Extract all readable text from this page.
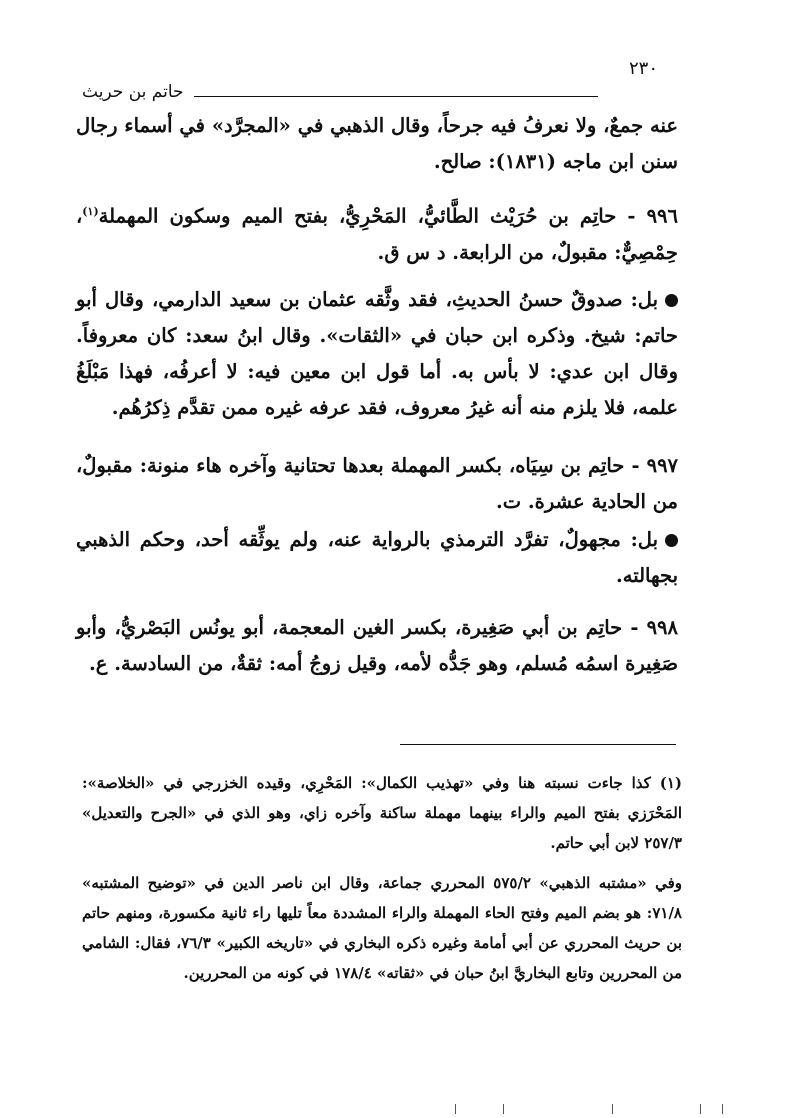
٢٣٠
حاتم بن حريث

عنه جمعٌ، ولا نعرفُ فيه جرحاً، وقال الذهبي في «المجرَّد» في أسماء رجال سنن ابن ماجه (١٨٣١): صالح.

٩٩٦ - حاتِم بن حُرَيْث الطَّائيُّ، المَحْرِيُّ، بفتح الميم وسكون المهملة$^{(١)}$، حِمْصِيٌّ: مقبولٌ، من الرابعة. د س ق.

بل: صدوقٌ حسنُ الحديثِ، فقد وثَّقه عثمان بن سعيد الدارمي، وقال أبو حاتم: شيخ. وذكره ابن حبان في «الثقات». وقال ابنُ سعد: كان معروفاً. وقال ابن عدي: لا بأس به. أما قول ابن معين فيه: لا أعرفُه، فهذا مَبْلَغُ علمه، فلا يلزم منه أنه غيرُ معروف، فقد عرفه غيره ممن تقدَّم ذِكرُهُم.

٩٩٧ - حاتِم بن سِيَاه، بكسر المهملة بعدها تحتانية وآخره هاء منونة: مقبولٌ، من الحادية عشرة. ت.

بل: مجهولٌ، تفرَّد الترمذي بالرواية عنه، ولم يوثِّقه أحد، وحكم الذهبي بجهالته.

٩٩٨ - حاتِم بن أبي صَغِيرة، بكسر الغين المعجمة، أبو يونُس البَصْريُّ، وأبو صَغِيرة اسمُه مُسلم، وهو جَدُّه لأمه، وقيل زوجُ أمه: ثقةٌ، من السادسة. ع.

(١) كذا جاءت نسبته هنا وفي «تهذيب الكمال»: المَحْرِي، وقيده الخزرجي في «الخلاصة»: المَحْرَزي بفتح الميم والراء بينهما مهملة ساكنة وآخره زاي، وهو الذي في «الجرح والتعديل» ٢٥٧/٣ لابن أبي حاتم.

وفي «مشتبه الذهبي» ٥٧٥/٢ المحرري جماعة، وقال ابن ناصر الدين في «توضيح المشتبه» ٧١/٨: هو بضم الميم وفتح الحاء المهملة والراء المشددة معاً تليها راء ثانية مكسورة، ومنهم حاتم بن حريث المحرري عن أبي أمامة وغيره ذكره البخاري في «تاريخه الكبير» ٧٦/٣، فقال: الشامي من المحررين وتابع البخاريَّ ابنُ حبان في «ثقاته» ١٧٨/٤ في كونه من المحررين.
